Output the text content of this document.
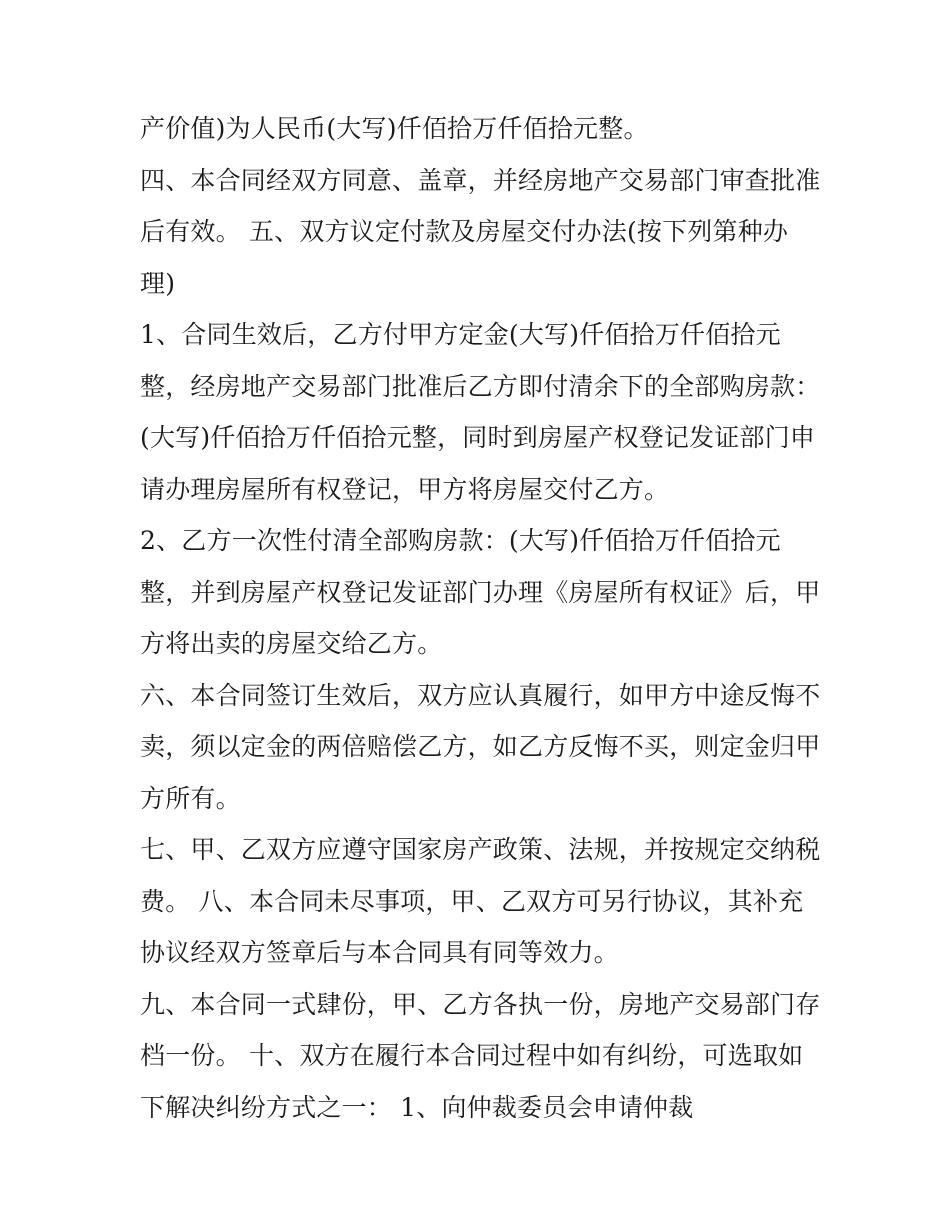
产价值)为人民币(大写)仟佰拾万仟佰拾元整。
四、本合同经双方同意、盖章，并经房地产交易部门审查批准
后有效。 五、双方议定付款及房屋交付办法(按下列第种办
理)
1、合同生效后，乙方付甲方定金(大写)仟佰拾万仟佰拾元
整，经房地产交易部门批准后乙方即付清余下的全部购房款：
(大写)仟佰拾万仟佰拾元整，同时到房屋产权登记发证部门申
请办理房屋所有权登记，甲方将房屋交付乙方。
2、乙方一次性付清全部购房款：(大写)仟佰拾万仟佰拾元
整，并到房屋产权登记发证部门办理《房屋所有权证》后，甲
方将出卖的房屋交给乙方。
六、本合同签订生效后，双方应认真履行，如甲方中途反悔不
卖，须以定金的两倍赔偿乙方，如乙方反悔不买，则定金归甲
方所有。
七、甲、乙双方应遵守国家房产政策、法规，并按规定交纳税
费。 八、本合同未尽事项，甲、乙双方可另行协议，其补充
协议经双方签章后与本合同具有同等效力。
九、本合同一式肆份，甲、乙方各执一份，房地产交易部门存
档一份。 十、双方在履行本合同过程中如有纠纷，可选取如
下解决纠纷方式之一： 1、向仲裁委员会申请仲裁
